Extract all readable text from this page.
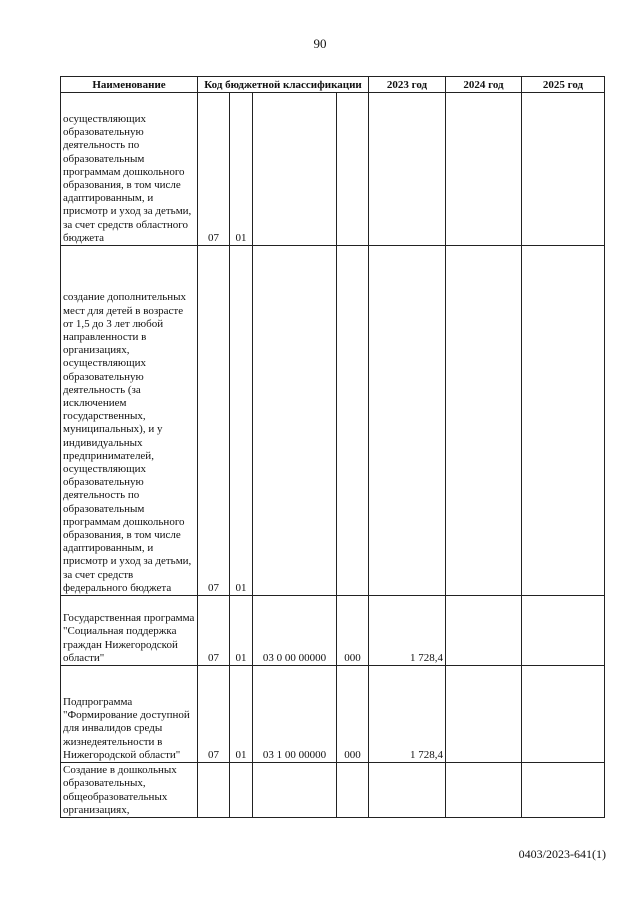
90
Наименование	Код бюджетной классификации				2023 год	2024 год	2025 год
осуществляющих образовательную деятельность по образовательным программам дошкольного образования, в том числе адаптированным, и присмотр и уход за детьми, за счет средств областного бюджета	07	01					
создание дополнительных мест для детей в возрасте от 1,5 до 3 лет любой направленности в организациях, осуществляющих образовательную деятельность (за исключением государственных, муниципальных), и у индивидуальных предпринимателей, осуществляющих образовательную деятельность по образовательным программам дошкольного образования, в том числе адаптированным, и присмотр и уход за детьми, за счет средств федерального бюджета	07	01					
Государственная программа "Социальная поддержка граждан Нижегородской области"	07	01	03 0 00 00000	000	1 728,4		
Подпрограмма "Формирование доступной для инвалидов среды жизнедеятельности в Нижегородской области"	07	01	03 1 00 00000	000	1 728,4		
Создание в дошкольных образовательных, общеобразовательных организациях,							
0403/2023-641(1)
